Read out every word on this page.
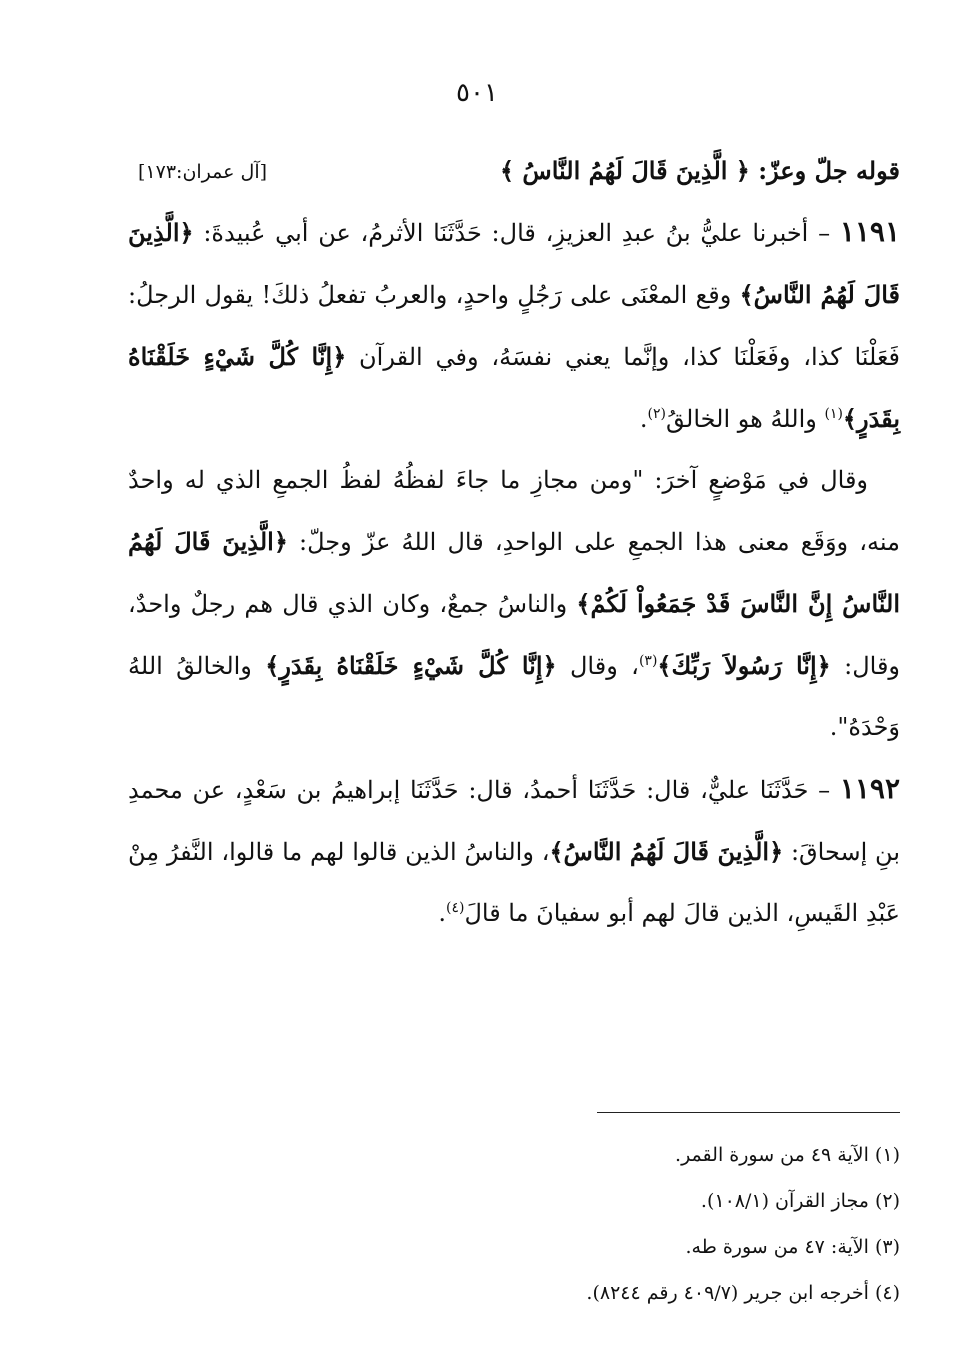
٥٠١
قوله جلّ وعزّ: ﴿ الَّذِينَ قَالَ لَهُمُ النَّاسُ ﴾
[آل عمران:١٧٣]

١١٩١ – أخبرنا عليُّ بنُ عبدِ العزيزِ، قال: حَدَّثَنَا الأثرمُ، عن أبي عُبيدةَ: ﴿الَّذِينَ قَالَ لَهُمُ النَّاسُ﴾ وقع المعْنَى على رَجُلٍ واحدٍ، والعربُ تفعلُ ذلكَ! يقول الرجلُ: فَعَلْنَا كذا، وفَعَلْنَا كذا، وإنَّما يعني نفسَهُ، وفي القرآن ﴿إِنَّا كُلَّ شَيْءٍ خَلَقْنَاهُ بِقَدَرٍ﴾$^{(١)}$ واللهُ هو الخالقُ$^{(٢)}$.

وقال في مَوْضعٍ آخرَ: "ومن مجازِ ما جاءَ لفظُهُ لفظُ الجمعِ الذي له واحدٌ منه، ووَقَع معنى هذا الجمعِ على الواحدِ، قال اللهُ عزّ وجلّ: ﴿الَّذِينَ قَالَ لَهُمُ النَّاسُ إِنَّ النَّاسَ قَدْ جَمَعُواْ لَكُمْ﴾ والناسُ جمعٌ، وكان الذي قال هم رجلٌ واحدٌ، وقال: ﴿إِنَّا رَسُولاَ رَبِّكَ﴾$^{(٣)}$، وقال ﴿إِنَّا كُلَّ شَيْءٍ خَلَقْنَاهُ بِقَدَرٍ﴾ والخالقُ اللهُ وَحْدَهُ".

١١٩٢ – حَدَّثَنَا عليٌّ، قال: حَدَّثَنَا أحمدُ، قال: حَدَّثَنَا إبراهيمُ بن سَعْدٍ، عن محمدِ بنِ إسحاقَ: ﴿الَّذِينَ قَالَ لَهُمُ النَّاسُ﴾، والناسُ الذين قالوا لهم ما قالوا، النَّفرُ مِنْ عَبْدِ القَيسِ، الذين قالَ لهم أبو سفيانَ ما قالَ$^{(٤)}$.

(١) الآية ٤٩ من سورة القمر.

(٢) مجاز القرآن (١٠٨/١).

(٣) الآية: ٤٧ من سورة طه.

(٤) أخرجه ابن جرير (٤٠٩/٧ رقم ٨٢٤٤).
